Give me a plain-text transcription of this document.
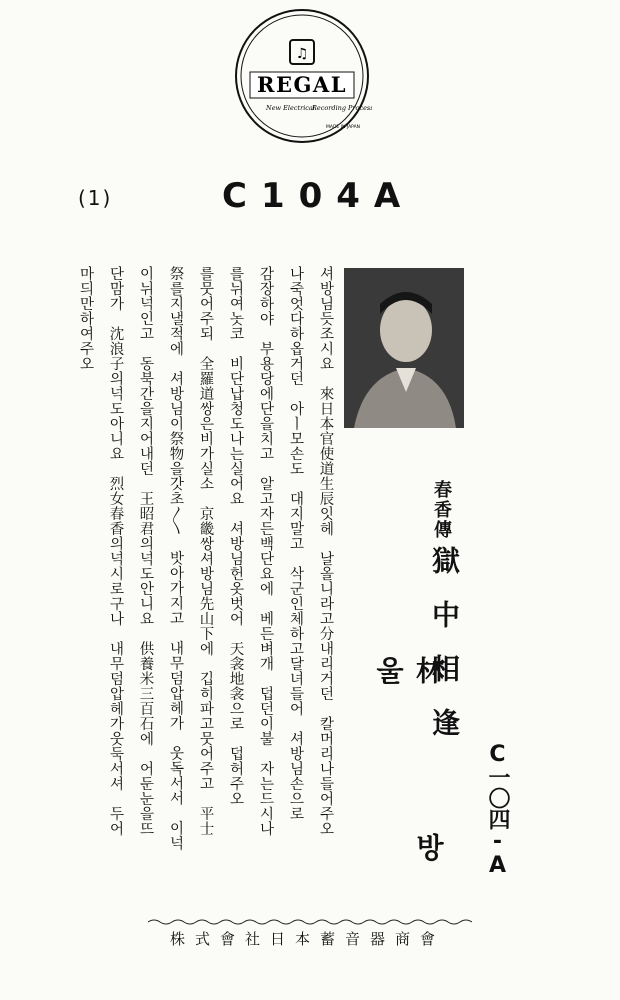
♫
REGAL
New Electrical
Recording Process
MADE IN JAPAN
(1)	C104A
셔방님듯조시요　來日本官使道生辰잇헤　날올니라고分내리거던　칼머리나들어주오
나죽엇다하옵거던　아ㅣ모손도　대지말고　삭군인체하고달녀들어　셔방님손으로
감장하야　부용당에단을치고　알고자든백단요에　베든벼개　덥던이불　자는드시나
를뉘여놋코　비단납청도나는실어요　셔방님헌옷벗어　天衾地衾으로　덥허주오
를뭇어주되　全羅道쌍은비가실소　京畿쌍셔방님先山下에　깁히파고뭇어주고　平士
祭를지낼적에　셔방님이祭物을갓초〳〵　밧아가지고　내무덤압헤가　웃독서서　이넉
이뉘넉인고　동북간을지어내던　王昭君의넉도안니요　供養米三百石에　어둔눈을뜨
단맘가　沈浪子의넉도아니요　烈女春香의넉시로구나　내무덤압헤가웃둑서셔　두어
마듸만하여주오
春香傳
獄中相逢
林 방 울
C一〇四-A
株式會社日本蓄音器商會
